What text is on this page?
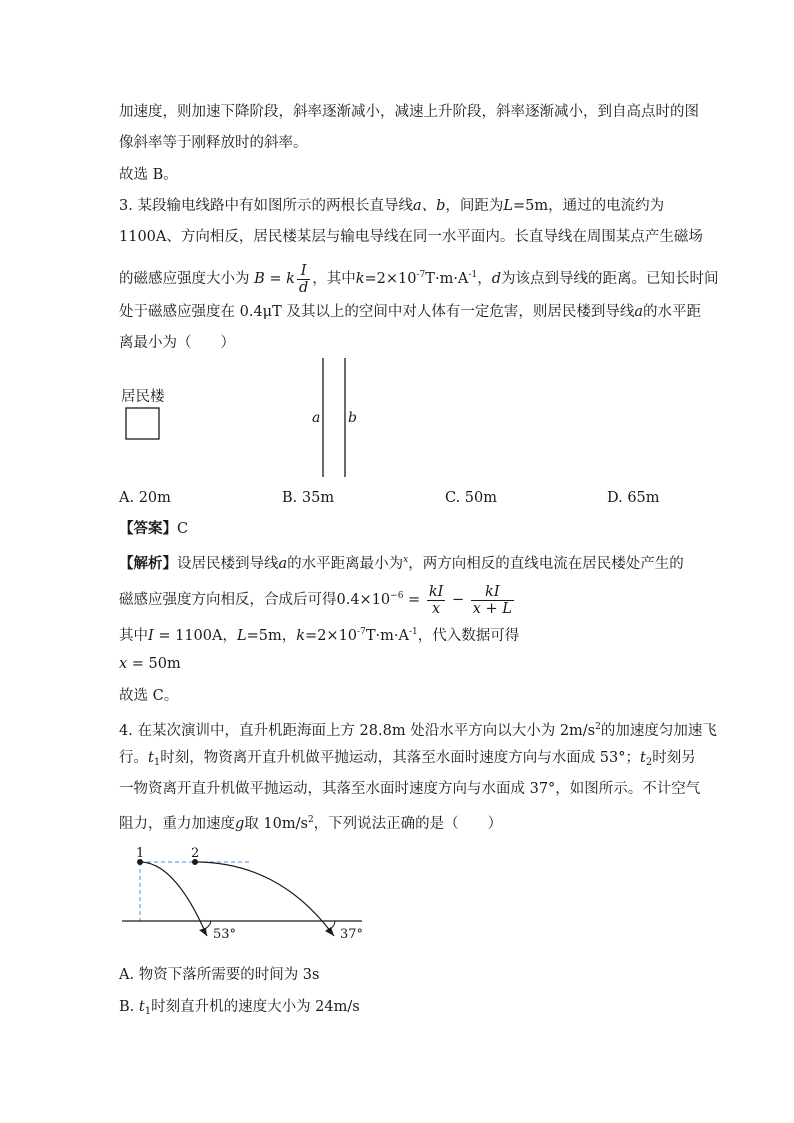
加速度，则加速下降阶段，斜率逐渐减小，减速上升阶段，斜率逐渐减小，到自高点时的图
像斜率等于刚释放时的斜率。
故选 B。
3. 某段输电线路中有如图所示的两根长直导线a、b，间距为L=5m，通过的电流约为
1100A、方向相反，居民楼某层与输电导线在同一水平面内。长直导线在周围某点产生磁场
的磁感应强度大小为 B = k $\frac{I}{d}$ ，其中$k=2\times 10^{-7}T\cdot m\cdot A^{-1}$，d为该点到导线的距离。已知长时间
处于磁感应强度在 0.4μT 及其以上的空间中对人体有一定危害，则居民楼到导线a的水平距
离最小为（　　）
居民楼
a b
1	2
53°	37°
A. 20m	B. 35m	C. 50m	D. 65m
【答案】C
【解析】设居民楼到导线a的水平距离最小为$^x$，两方向相反的直线电流在居民楼处产生的
磁感应强度方向相反，合成后可得$0.4\times 10^{-6} = \frac{kI}{x} - \frac{kI}{x + L}$
其中I = 1100A，L=5m，$k=2\times 10^{-7}T\cdot m\cdot A^{-1}$，代入数据可得
x = 50m
故选 C。
4. 在某次演训中，直升机距海面上方 28.8m 处沿水平方向以大小为 $2m/s^2$的加速度匀加速飞
行。$t_1$时刻，物资离开直升机做平抛运动，其落至水面时速度方向与水面成 53°；$t_2$时刻另
一物资离开直升机做平抛运动，其落至水面时速度方向与水面成 37°，如图所示。不计空气
阻力，重力加速度g取 $10m/s^2$，下列说法正确的是（　　）
A. 物资下落所需要的时间为 3s
B. $t_1$时刻直升机的速度大小为 24m/s
